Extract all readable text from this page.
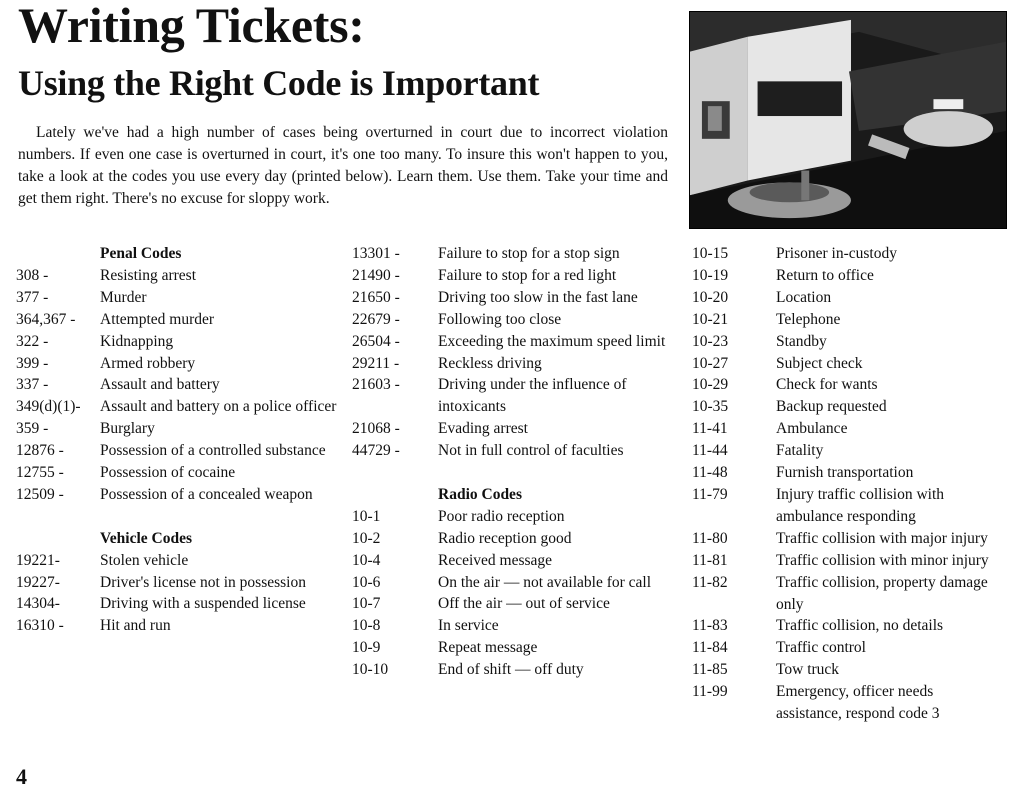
Writing Tickets:
Using the Right Code is Important

Lately we've had a high number of cases being overturned in court due to incorrect violation numbers. If even one case is overturned in court, it's one too many. To insure this won't happen to you, take a look at the codes you use every day (printed below). Learn them. Use them. Take your time and get them right. There's no excuse for sloppy work.

Penal Codes
308 -	Resisting arrest
377 -	Murder
364,367 -	Attempted murder
322 -	Kidnapping
399 -	Armed robbery
337 -	Assault and battery
349(d)(1)-	Assault and battery on a police officer
359 -	Burglary
12876 -	Possession of a controlled substance
12755 -	Possession of cocaine
12509 -	Possession of a concealed weapon
Vehicle Codes
19221-	Stolen vehicle
19227-	Driver's license not in possession
14304-	Driving with a suspended license
16310 -	Hit and run
13301 -	Failure to stop for a stop sign
21490 -	Failure to stop for a red light
21650 -	Driving too slow in the fast lane
22679 -	Following too close
26504 -	Exceeding the maximum speed limit
29211 -	Reckless driving
21603 -	Driving under the influence of intoxicants
21068 -	Evading arrest
44729 -	Not in full control of faculties
Radio Codes
10-1	Poor radio reception
10-2	Radio reception good
10-4	Received message
10-6	On the air — not available for call
10-7	Off the air — out of service
10-8	In service
10-9	Repeat message
10-10	End of shift — off duty
10-15	Prisoner in-custody
10-19	Return to office
10-20	Location
10-21	Telephone
10-23	Standby
10-27	Subject check
10-29	Check for wants
10-35	Backup requested
11-41	Ambulance
11-44	Fatality
11-48	Furnish transportation
11-79	Injury traffic collision with ambulance responding
11-80	Traffic collision with major injury
11-81	Traffic collision with minor injury
11-82	Traffic collision, property damage only
11-83	Traffic collision, no details
11-84	Traffic control
11-85	Tow truck
11-99	Emergency, officer needs assistance, respond code 3
4
